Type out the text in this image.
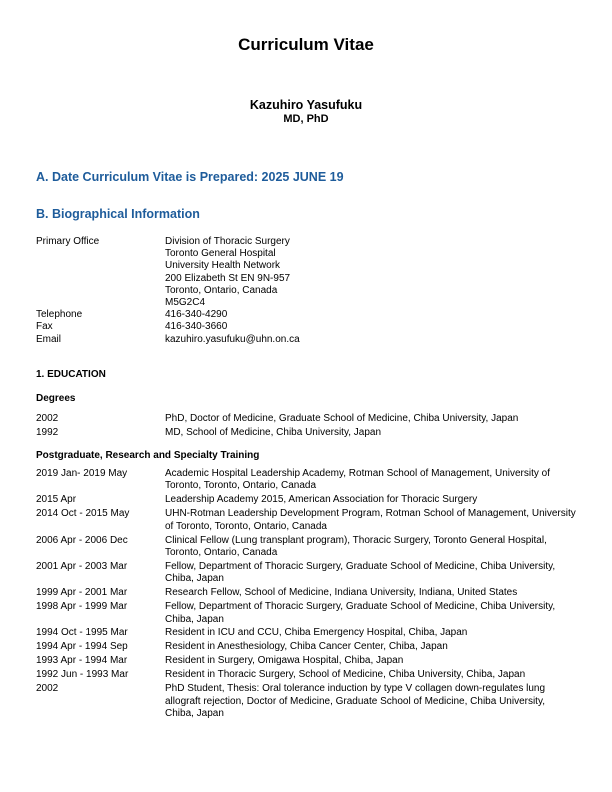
Curriculum Vitae
Kazuhiro Yasufuku
MD, PhD
A. Date Curriculum Vitae is Prepared: 2025 JUNE 19
B. Biographical Information
Primary Office	Division of Thoracic Surgery
Toronto General Hospital
University Health Network
200 Elizabeth St EN 9N-957
Toronto, Ontario, Canada
M5G2C4
Telephone	416-340-4290
Fax	416-340-3660
Email	kazuhiro.yasufuku@uhn.on.ca
1. EDUCATION
Degrees
2002	PhD, Doctor of Medicine, Graduate School of Medicine, Chiba University, Japan
1992	MD, School of Medicine, Chiba University, Japan
Postgraduate, Research and Specialty Training
2019 Jan- 2019 May	Academic Hospital Leadership Academy, Rotman School of Management, University of Toronto, Toronto, Ontario, Canada
2015 Apr	Leadership Academy 2015, American Association for Thoracic Surgery
2014 Oct - 2015 May	UHN-Rotman Leadership Development Program, Rotman School of Management, University of Toronto, Toronto, Ontario, Canada
2006 Apr - 2006 Dec	Clinical Fellow (Lung transplant program), Thoracic Surgery, Toronto General Hospital, Toronto, Ontario, Canada
2001 Apr - 2003 Mar	Fellow, Department of Thoracic Surgery, Graduate School of Medicine, Chiba University, Chiba, Japan
1999 Apr - 2001 Mar	Research Fellow, School of Medicine, Indiana University, Indiana, United States
1998 Apr - 1999 Mar	Fellow, Department of Thoracic Surgery, Graduate School of Medicine, Chiba University, Chiba, Japan
1994 Oct - 1995 Mar	Resident in ICU and CCU, Chiba Emergency Hospital, Chiba, Japan
1994 Apr - 1994 Sep	Resident in Anesthesiology, Chiba Cancer Center, Chiba, Japan
1993 Apr - 1994 Mar	Resident in Surgery, Omigawa Hospital, Chiba, Japan
1992 Jun - 1993 Mar	Resident in Thoracic Surgery, School of Medicine, Chiba University, Chiba, Japan
2002	PhD Student, Thesis: Oral tolerance induction by type V collagen down-regulates lung allograft rejection, Doctor of Medicine, Graduate School of Medicine, Chiba University, Chiba, Japan
